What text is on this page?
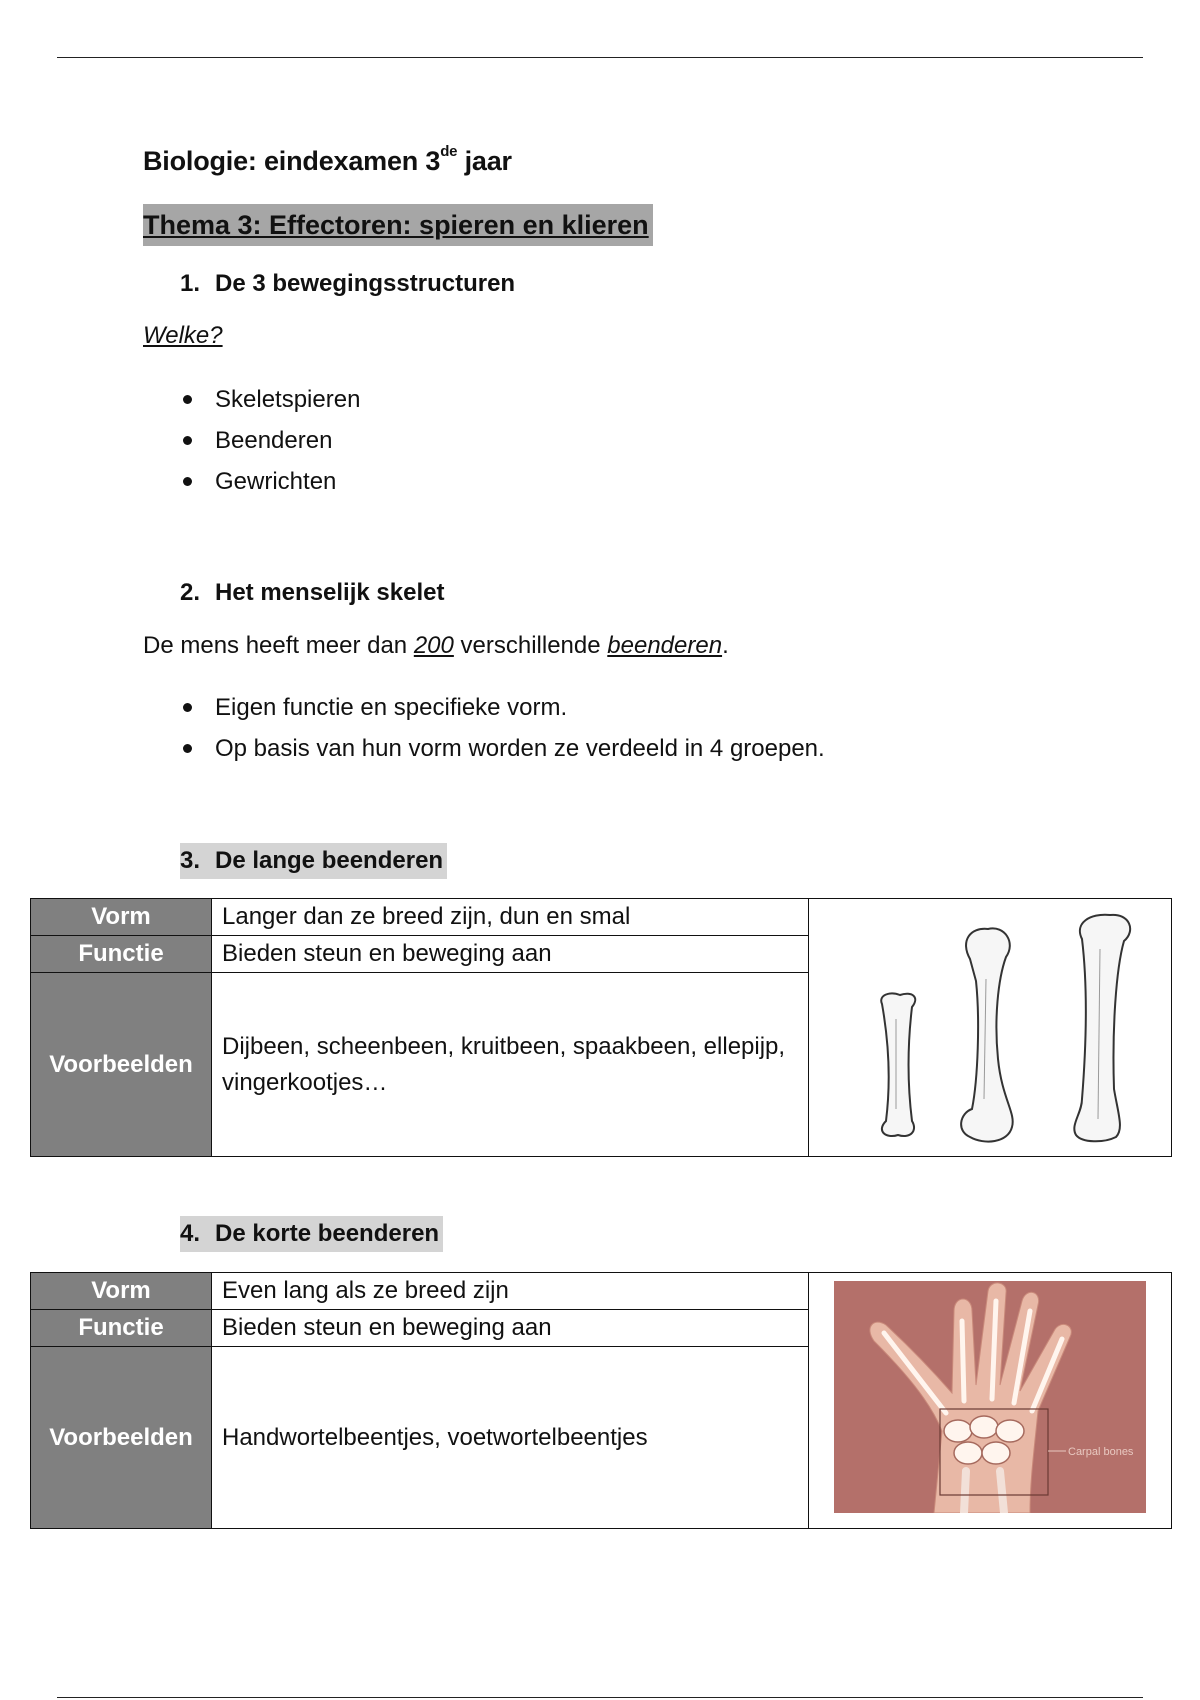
Biologie: eindexamen 3de jaar
Thema 3: Effectoren: spieren en klieren
1. De 3 bewegingsstructuren
Welke?
Skeletspieren
Beenderen
Gewrichten
2. Het menselijk skelet
De mens heeft meer dan 200 verschillende beenderen.
Eigen functie en specifieke vorm.
Op basis van hun vorm worden ze verdeeld in 4 groepen.
3. De lange beenderen
Vorm	Langer dan ze breed zijn, dun en smal	
Functie	Bieden steun en beweging aan	
Voorbeelden	Dijbeen, scheenbeen, kruitbeen, spaakbeen, ellepijp, vingerkootjes…	
4. De korte beenderen
Vorm	Even lang als ze breed zijn	Carpal bones

Functie	Bieden steun en beweging aan	
Voorbeelden	Handwortelbeentjes, voetwortelbeentjes	
